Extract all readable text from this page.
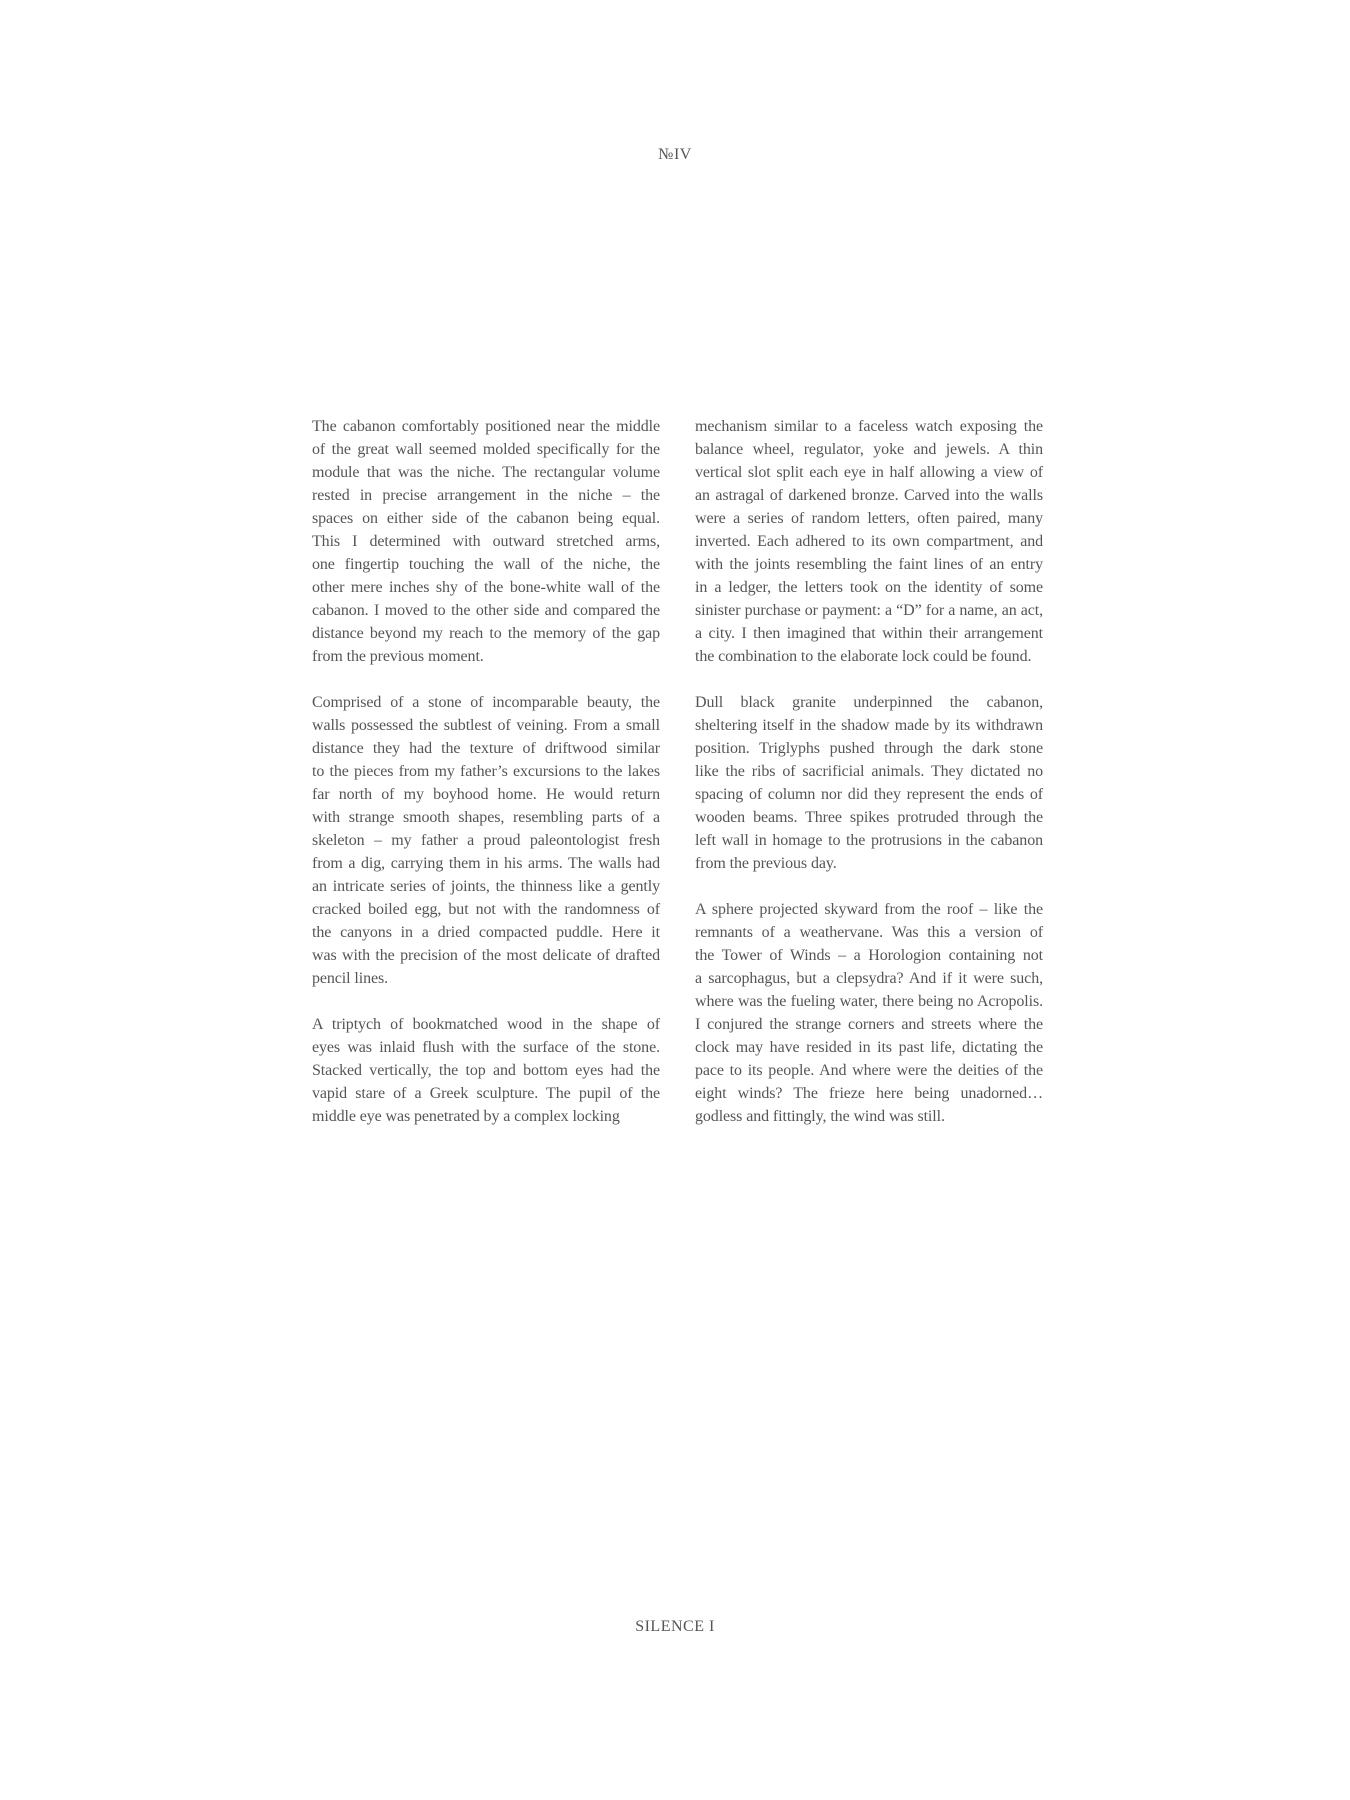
№IV
The cabanon comfortably positioned near the middle
of the great wall seemed molded specifically for the
module that was the niche. The rectangular volume
rested in precise arrangement in the niche – the
spaces on either side of the cabanon being equal.
This I determined with outward stretched arms,
one fingertip touching the wall of the niche, the
other mere inches shy of the bone-white wall of the
cabanon. I moved to the other side and compared the
distance beyond my reach to the memory of the gap
from the previous moment.
Comprised of a stone of incomparable beauty, the
walls possessed the subtlest of veining. From a small
distance they had the texture of driftwood similar
to the pieces from my father’s excursions to the lakes
far north of my boyhood home. He would return
with strange smooth shapes, resembling parts of a
skeleton – my father a proud paleontologist fresh
from a dig, carrying them in his arms. The walls had
an intricate series of joints, the thinness like a gently
cracked boiled egg, but not with the randomness of
the canyons in a dried compacted puddle. Here it
was with the precision of the most delicate of drafted
pencil lines.
A triptych of bookmatched wood in the shape of
eyes was inlaid flush with the surface of the stone.
Stacked vertically, the top and bottom eyes had the
vapid stare of a Greek sculpture. The pupil of the
middle eye was penetrated by a complex locking
mechanism similar to a faceless watch exposing the
balance wheel, regulator, yoke and jewels. A thin
vertical slot split each eye in half allowing a view of
an astragal of darkened bronze. Carved into the walls
were a series of random letters, often paired, many
inverted. Each adhered to its own compartment, and
with the joints resembling the faint lines of an entry
in a ledger, the letters took on the identity of some
sinister purchase or payment: a “D” for a name, an act,
a city. I then imagined that within their arrangement
the combination to the elaborate lock could be found.
Dull black granite underpinned the cabanon,
sheltering itself in the shadow made by its withdrawn
position. Triglyphs pushed through the dark stone
like the ribs of sacrificial animals. They dictated no
spacing of column nor did they represent the ends of
wooden beams. Three spikes protruded through the
left wall in homage to the protrusions in the cabanon
from the previous day.
A sphere projected skyward from the roof – like the
remnants of a weathervane. Was this a version of
the Tower of Winds – a Horologion containing not
a sarcophagus, but a clepsydra? And if it were such,
where was the fueling water, there being no Acropolis.
I conjured the strange corners and streets where the
clock may have resided in its past life, dictating the
pace to its people. And where were the deities of the
eight winds? The frieze here being unadorned…
godless and fittingly, the wind was still.
SILENCE I
